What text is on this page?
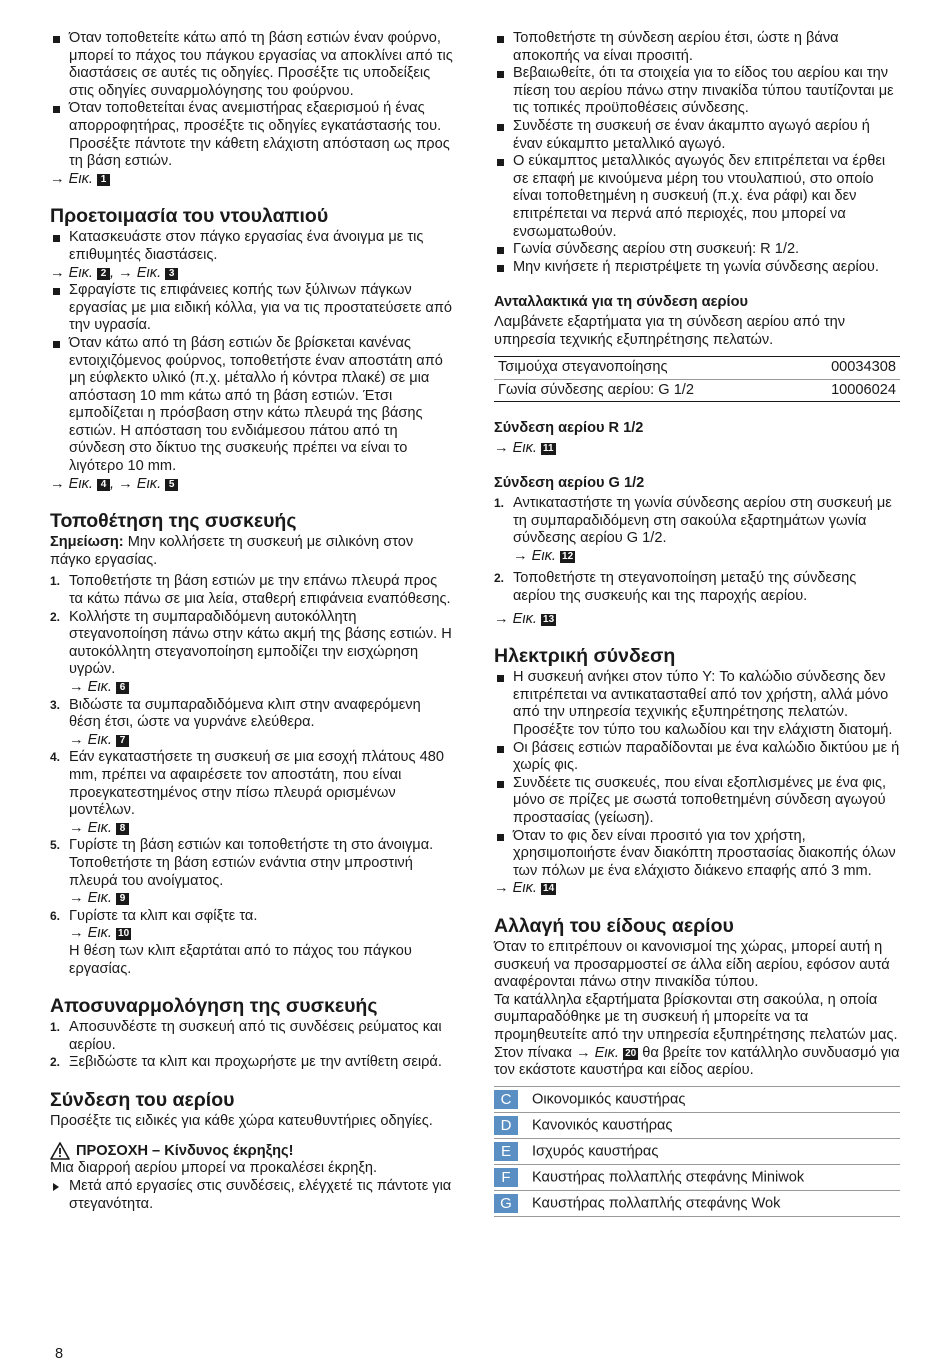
Όταν τοποθετείτε κάτω από τη βάση εστιών έναν φούρνο, μπορεί το πάχος του πάγκου εργασίας να αποκλίνει από τις διαστάσεις σε αυτές τις οδηγίες. Προσέξτε τις υποδείξεις στις οδηγίες συναρμολόγησης του φούρνου.

Όταν τοποθετείται ένας ανεμιστήρας εξαερισμού ή ένας απορροφητήρας, προσέξτε τις οδηγίες εγκατάστασής του. Προσέξτε πάντοτε την κάθετη ελάχιστη απόσταση ως προς τη βάση εστιών.

→ Εικ. 1

Προετοιμασία του ντουλαπιού

Κατασκευάστε στον πάγκο εργασίας ένα άνοιγμα με τις επιθυμητές διαστάσεις.

→ Εικ. 2 , → Εικ. 3

Σφραγίστε τις επιφάνειες κοπής των ξύλινων πάγκων εργασίας με μια ειδική κόλλα, για να τις προστατεύσετε από την υγρασία.

Όταν κάτω από τη βάση εστιών δε βρίσκεται κανένας εντοιχιζόμενος φούρνος, τοποθετήστε έναν αποστάτη από μη εύφλεκτο υλικό (π.χ. μέταλλο ή κόντρα πλακέ) σε μια απόσταση 10 mm κάτω από τη βάση εστιών. Έτσι εμποδίζεται η πρόσβαση στην κάτω πλευρά της βάσης εστιών. Η απόσταση του ενδιάμεσου πάτου από τη σύνδεση στο δίκτυο της συσκευής πρέπει να είναι το λιγότερο 10 mm.

→ Εικ. 4 , → Εικ. 5

Τοποθέτηση της συσκευής

Σημείωση: Μην κολλήσετε τη συσκευή με σιλικόνη στον πάγκο εργασίας.

1. Τοποθετήστε τη βάση εστιών με την επάνω πλευρά προς τα κάτω πάνω σε μια λεία, σταθερή επιφάνεια εναπόθεσης.
2. Κολλήστε τη συμπαραδιδόμενη αυτοκόλλητη στεγανοποίηση πάνω στην κάτω ακμή της βάσης εστιών. Η αυτοκόλλητη στεγανοποίηση εμποδίζει την εισχώρηση υγρών.

→ Εικ. 6

3. Βιδώστε τα συμπαραδιδόμενα κλιπ στην αναφερόμενη θέση έτσι, ώστε να γυρνάνε ελεύθερα.

→ Εικ. 7

4. Εάν εγκαταστήσετε τη συσκευή σε μια εσοχή πλάτους 480 mm, πρέπει να αφαιρέσετε τον αποστάτη, που είναι προεγκατεστημένος στην πίσω πλευρά ορισμένων μοντέλων.

→ Εικ. 8

5. Γυρίστε τη βάση εστιών και τοποθετήστε τη στο άνοιγμα. Τοποθετήστε τη βάση εστιών ενάντια στην μπροστινή πλευρά του ανοίγματος.

→ Εικ. 9

6. Γυρίστε τα κλιπ και σφίξτε τα.

→ Εικ. 10

Η θέση των κλιπ εξαρτάται από το πάχος του πάγκου εργασίας.

Αποσυναρμολόγηση της συσκευής
1. Αποσυνδέστε τη συσκευή από τις συνδέσεις ρεύματος και αερίου.
2. Ξεβιδώστε τα κλιπ και προχωρήστε με την αντίθετη σειρά.
Σύνδεση του αερίου

Προσέξτε τις ειδικές για κάθε χώρα κατευθυντήριες οδηγίες.

ΠΡΟΣΟΧΗ – Κίνδυνος έκρηξης!

Μια διαρροή αερίου μπορεί να προκαλέσει έκρηξη.

Μετά από εργασίες στις συνδέσεις, ελέγχετέ τις πάντοτε για στεγανότητα.

Τοποθετήστε τη σύνδεση αερίου έτσι, ώστε η βάνα αποκοπής να είναι προσιτή.

Βεβαιωθείτε, ότι τα στοιχεία για το είδος του αερίου και την πίεση του αερίου πάνω στην πινακίδα τύπου ταυτίζονται με τις τοπικές προϋποθέσεις σύνδεσης.

Συνδέστε τη συσκευή σε έναν άκαμπτο αγωγό αερίου ή έναν εύκαμπτο μεταλλικό αγωγό.

Ο εύκαμπτος μεταλλικός αγωγός δεν επιτρέπεται να έρθει σε επαφή με κινούμενα μέρη του ντουλαπιού, στο οποίο είναι τοποθετημένη η συσκευή (π.χ. ένα ράφι) και δεν επιτρέπεται να περνά από περιοχές, που μπορεί να ενσωματωθούν.

Γωνία σύνδεσης αερίου στη συσκευή: R 1/2.

Μην κινήσετε ή περιστρέψετε τη γωνία σύνδεσης αερίου.

Ανταλλακτικά για τη σύνδεση αερίου

Λαμβάνετε εξαρτήματα για τη σύνδεση αερίου από την υπηρεσία τεχνικής εξυπηρέτησης πελατών.

Τσιμούχα στεγανοποίησης	00034308
Γωνία σύνδεσης αερίου: G 1/2	10006024
Σύνδεση αερίου R 1/2

→ Εικ. 11

Σύνδεση αερίου G 1/2
1. Αντικαταστήστε τη γωνία σύνδεσης αερίου στη συσκευή με τη συμπαραδιδόμενη στη σακούλα εξαρτημάτων γωνία σύνδεσης αερίου G 1/2.

→ Εικ. 12

2. Τοποθετήστε τη στεγανοποίηση μεταξύ της σύνδεσης αερίου της συσκευής και της παροχής αερίου.

→ Εικ. 13

Ηλεκτρική σύνδεση

Η συσκευή ανήκει στον τύπο Y: Το καλώδιο σύνδεσης δεν επιτρέπεται να αντικατασταθεί από τον χρήστη, αλλά μόνο από την υπηρεσία τεχνικής εξυπηρέτησης πελατών. Προσέξτε τον τύπο του καλωδίου και την ελάχιστη διατομή.

Οι βάσεις εστιών παραδίδονται με ένα καλώδιο δικτύου με ή χωρίς φις.

Συνδέετε τις συσκευές, που είναι εξοπλισμένες με ένα φις, μόνο σε πρίζες με σωστά τοποθετημένη σύνδεση αγωγού προστασίας (γείωση).

Όταν το φις δεν είναι προσιτό για τον χρήστη, χρησιμοποιήστε έναν διακόπτη προστασίας διακοπής όλων των πόλων με ένα ελάχιστο διάκενο επαφής από 3 mm.

→ Εικ. 14

Αλλαγή του είδους αερίου

Όταν το επιτρέπουν οι κανονισμοί της χώρας, μπορεί αυτή η συσκευή να προσαρμοστεί σε άλλα είδη αερίου, εφόσον αυτά αναφέρονται πάνω στην πινακίδα τύπου.

Τα κατάλληλα εξαρτήματα βρίσκονται στη σακούλα, η οποία συμπαραδόθηκε με τη συσκευή ή μπορείτε να τα προμηθευτείτε από την υπηρεσία εξυπηρέτησης πελατών μας. Στον πίνακα → Εικ. 20 θα βρείτε τον κατάλληλο συνδυασμό για τον εκάστοτε καυστήρα και είδος αερίου.

C Οικονομικός καυστήρας
D Κανονικός καυστήρας
E Ισχυρός καυστήρας
F Καυστήρας πολλαπλής στεφάνης Miniwok
G Καυστήρας πολλαπλής στεφάνης Wok
8
